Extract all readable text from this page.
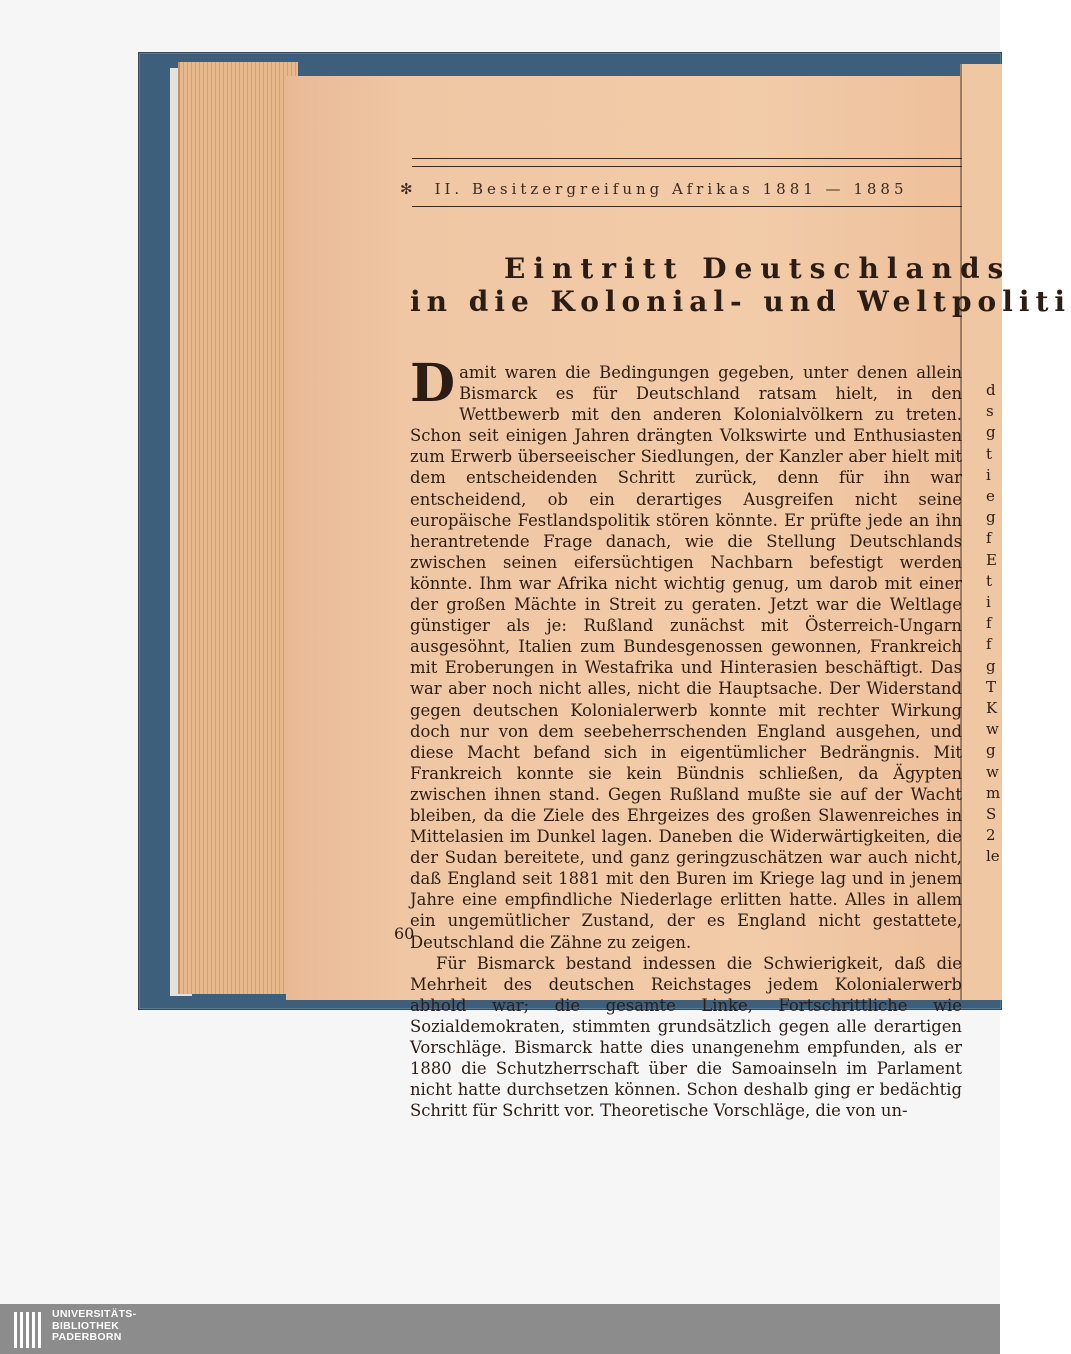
✻ II. Besitzergreifung Afrikas 1881 — 1885
Eintritt Deutschlands
in die Kolonial- und Weltpoliti

Damit waren die Bedingungen gegeben, unter denen allein Bismarck es für Deutschland ratsam hielt, in den Wettbewerb mit den anderen Kolonialvölkern zu treten. Schon seit einigen Jahren drängten Volkswirte und Enthusiasten zum Erwerb überseeischer Siedlungen, der Kanzler aber hielt mit dem entscheidenden Schritt zurück, denn für ihn war entscheidend, ob ein derartiges Ausgreifen nicht seine europäische Festlandspolitik stören könnte. Er prüfte jede an ihn herantretende Frage danach, wie die Stellung Deutschlands zwischen seinen eifersüchtigen Nachbarn befestigt werden könnte. Ihm war Afrika nicht wichtig genug, um darob mit einer der großen Mächte in Streit zu geraten. Jetzt war die Weltlage günstiger als je: Rußland zunächst mit Österreich-Ungarn ausgesöhnt, Italien zum Bundesgenossen gewonnen, Frankreich mit Eroberungen in Westafrika und Hinterasien beschäftigt. Das war aber noch nicht alles, nicht die Hauptsache. Der Widerstand gegen deutschen Kolonialerwerb konnte mit rechter Wirkung doch nur von dem seebeherrschenden England ausgehen, und diese Macht befand sich in eigentümlicher Bedrängnis. Mit Frankreich konnte sie kein Bündnis schließen, da Ägypten zwischen ihnen stand. Gegen Rußland mußte sie auf der Wacht bleiben, da die Ziele des Ehrgeizes des großen Slawenreiches in Mittelasien im Dunkel lagen. Daneben die Widerwärtigkeiten, die der Sudan bereitete, und ganz geringzuschätzen war auch nicht, daß England seit 1881 mit den Buren im Kriege lag und in jenem Jahre eine empfindliche Niederlage erlitten hatte. Alles in allem ein ungemütlicher Zustand, der es England nicht gestattete, Deutschland die Zähne zu zeigen.

Für Bismarck bestand indessen die Schwierigkeit, daß die Mehrheit des deutschen Reichstages jedem Kolonialerwerb abhold war; die gesamte Linke, Fortschrittliche wie Sozialdemokraten, stimmten grundsätzlich gegen alle derartigen Vorschläge. Bismarck hatte dies unangenehm empfunden, als er 1880 die Schutzherrschaft über die Samoainseln im Parlament nicht hatte durchsetzen können. Schon deshalb ging er bedächtig Schritt für Schritt vor. Theoretische Vorschläge, die von un-

60
d
s
g
t
i
e
g
f
E
t
i
f
f
g
T
K
w
g
w
m
S
2
le
UNIVERSITÄTS-
BIBLIOTHEK
PADERBORN
